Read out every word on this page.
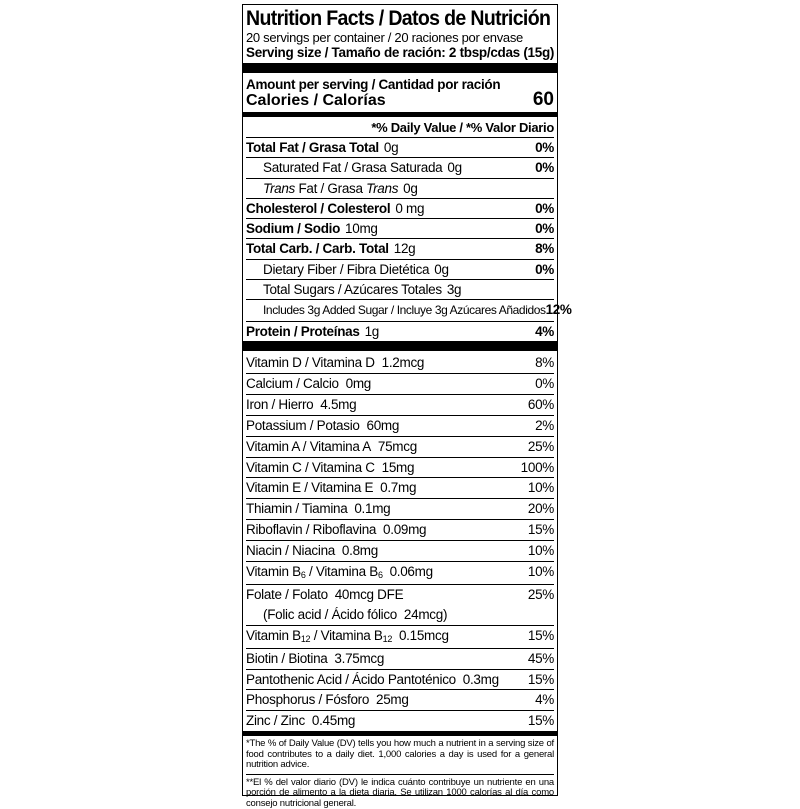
Nutrition Facts / Datos de Nutrición
20 servings per container / 20 raciones por envase
Serving size / Tamaño de ración: 2 tbsp/cdas (15g)
Amount per serving / Cantidad por ración
Calories / Calorías	60
*% Daily Value / *% Valor Diario
Total Fat / Grasa Total 0g	0%
Saturated Fat / Grasa Saturada 0g	0%
Trans Fat / Grasa Trans 0g
Cholesterol / Colesterol 0 mg	0%
Sodium / Sodio 10mg	0%
Total Carb. / Carb. Total 12g	8%
Dietary Fiber / Fibra Dietética 0g	0%
Total Sugars / Azúcares Totales 3g
Includes 3g Added Sugar / Incluye 3g Azúcares Añadidos 12%
Protein / Proteínas 1g	4%
Vitamin D / Vitamina D 1.2mcg	8%
Calcium / Calcio 0mg	0%
Iron / Hierro 4.5mg	60%
Potassium / Potasio 60mg	2%
Vitamin A / Vitamina A 75mcg	25%
Vitamin C / Vitamina C 15mg	100%
Vitamin E / Vitamina E 0.7mg	10%
Thiamin / Tiamina 0.1mg	20%
Riboflavin / Riboflavina 0.09mg	15%
Niacin / Niacina 0.8mg	10%
Vitamin $B_6$ / Vitamina $B_6$ 0.06mg	10%
Folate / Folato 40mcg DFE	25%
(Folic acid / Ácido fólico 24mcg)
Vitamin $B_{12}$ / Vitamina $B_{12}$ 0.15mcg	15%
Biotin / Biotina 3.75mcg	45%
Pantothenic Acid / Ácido Pantoténico 0.3mg 15%
Phosphorus / Fósforo 25mg	4%
Zinc / Zinc 0.45mg	15%
*The % of Daily Value (DV) tells you how much a nutrient in a serving size of food contributes to a daily diet. 1,000 calories a day is used for a general nutrition advice.
**El % del valor diario (DV) le indica cuánto contribuye un nutriente en una porción de alimento a la dieta diaria. Se utilizan 1000 calorías al día como consejo nutricional general.
